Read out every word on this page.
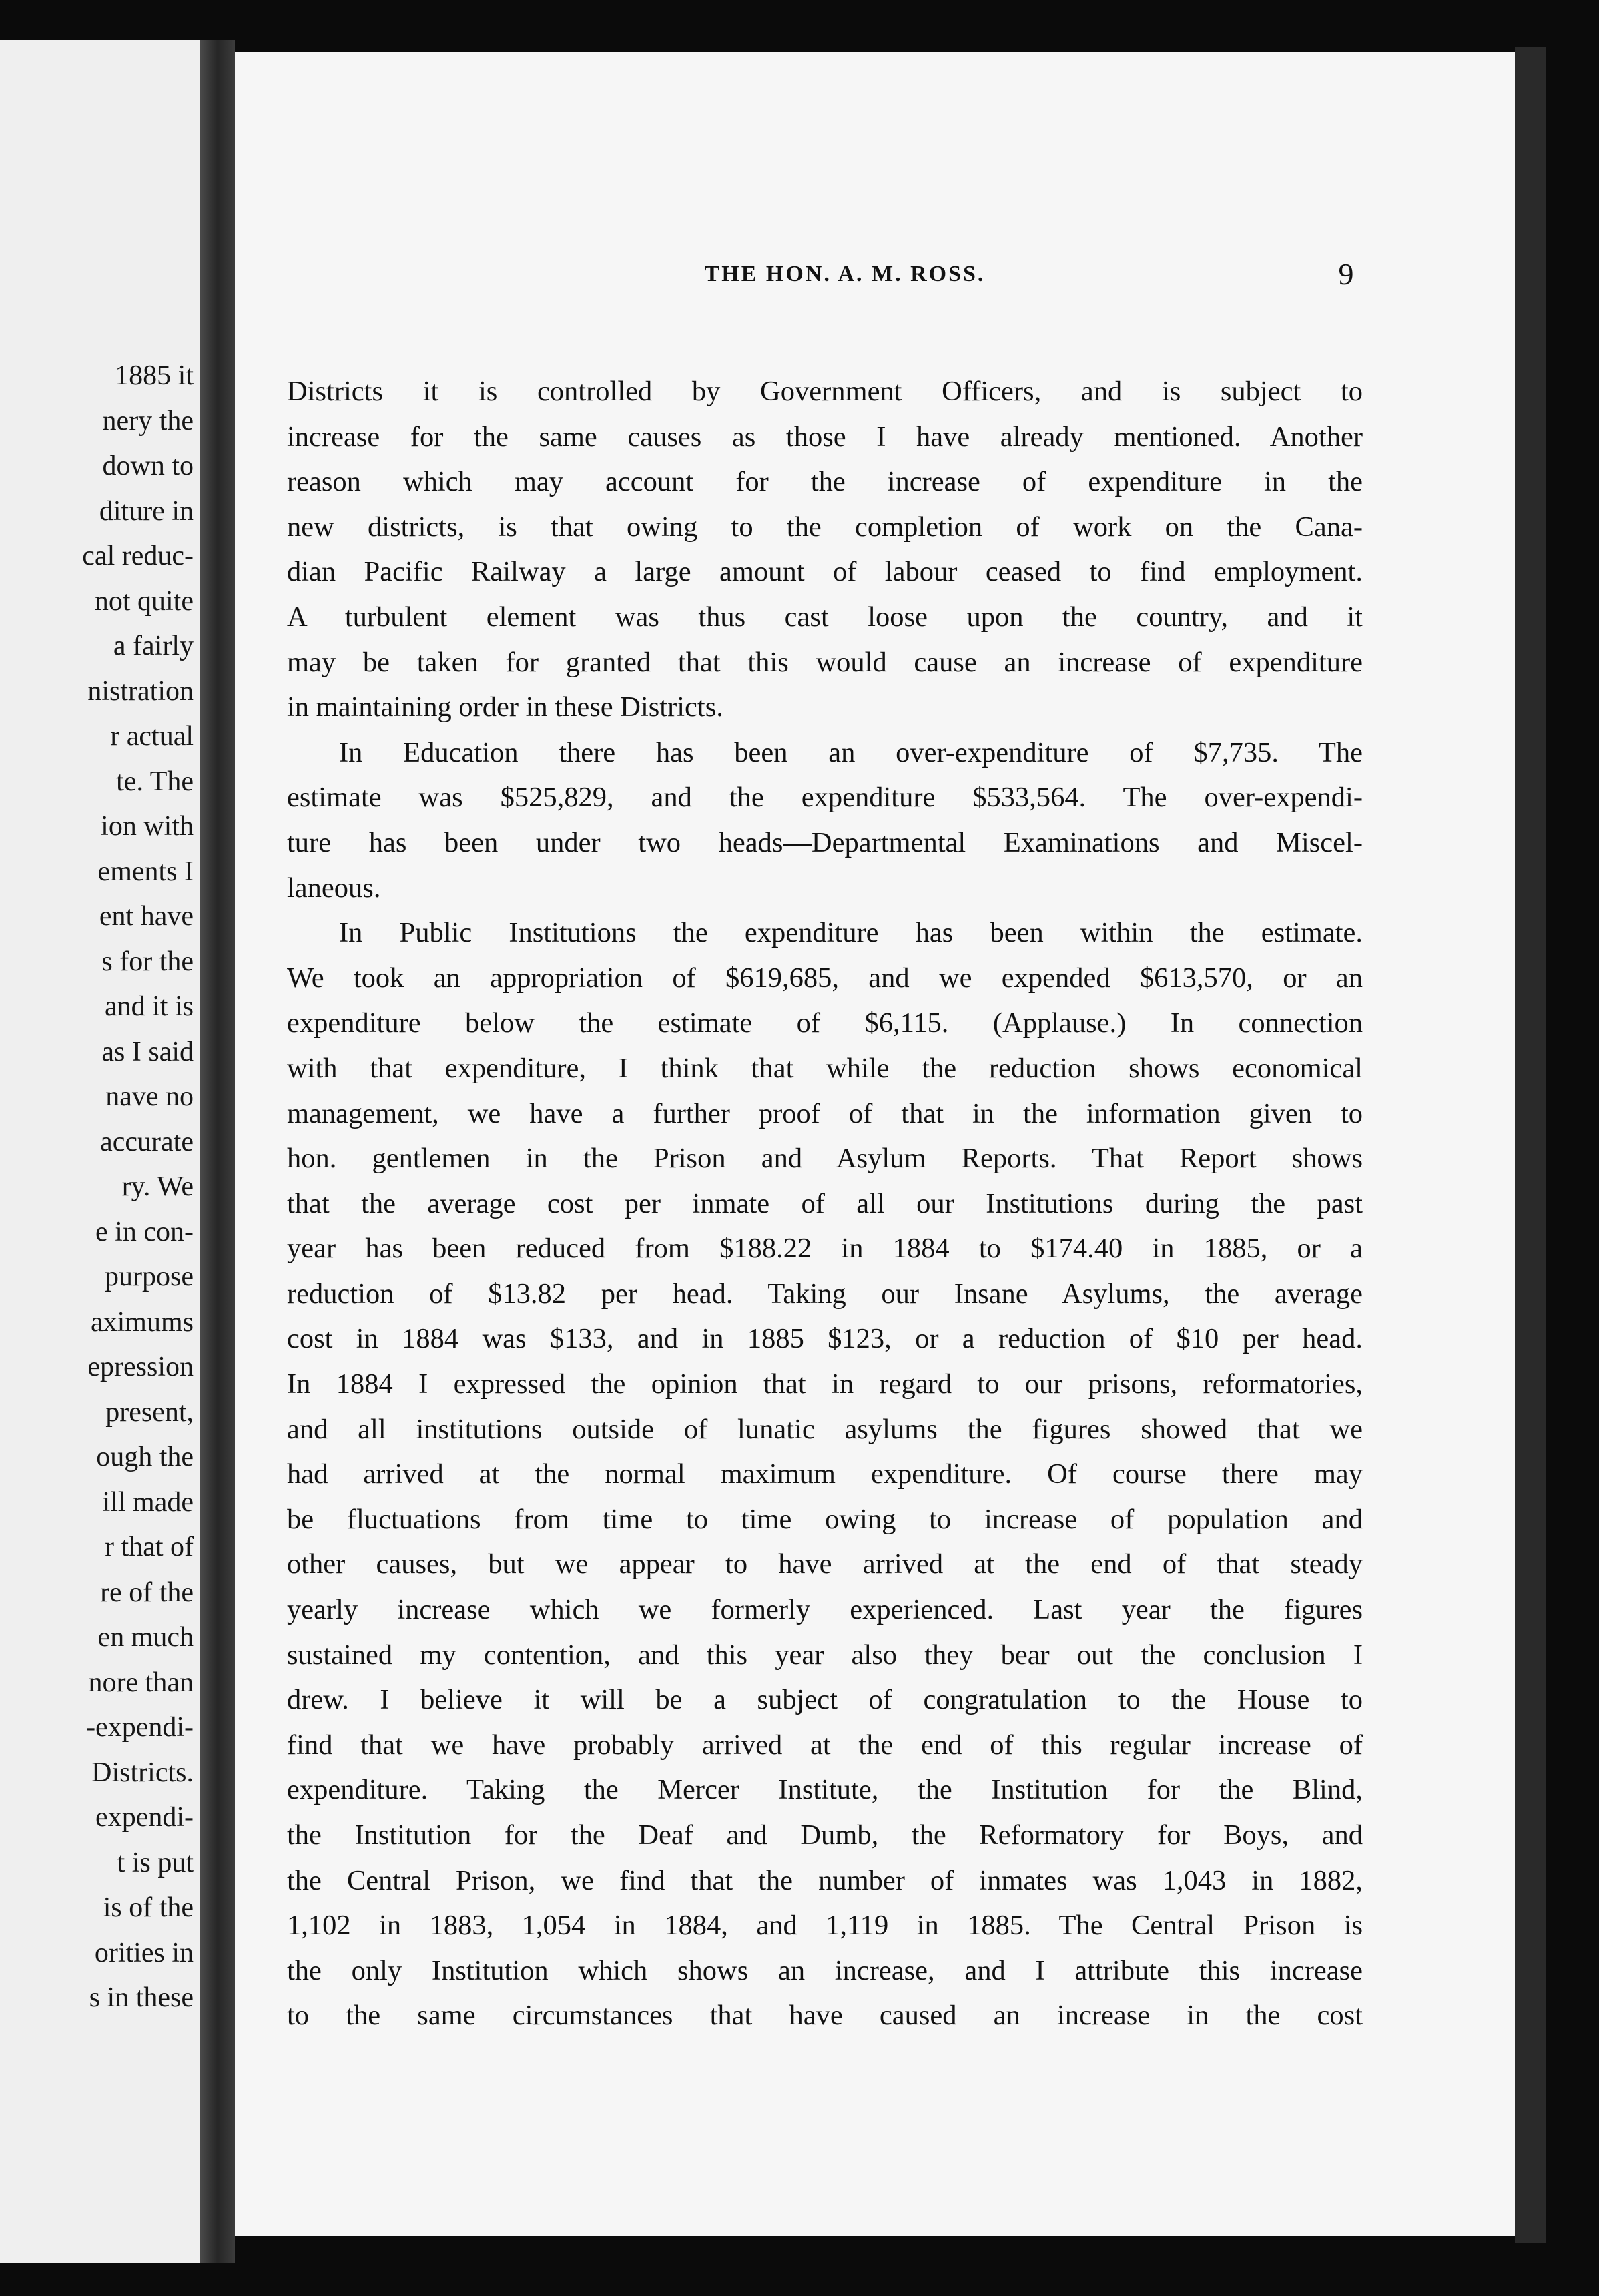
1885 it
nery the
down to
diture in
cal reduc-
not quite
a fairly
nistration
r actual
te. The
ion with
ements I
ent have
s for the
and it is
as I said
nave no
accurate
ry. We
e in con-
purpose
aximums
epression
present,
ough the
ill made
r that of
re of the
en much
nore than
-expendi-
Districts.
expendi-
t is put
is of the
orities in
s in these
THE HON. A. M. ROSS.	9

Districts it is controlled by Government Officers, and is subject to

increase for the same causes as those I have already mentioned. Another

reason which may account for the increase of expenditure in the

new districts, is that owing to the completion of work on the Cana-

dian Pacific Railway a large amount of labour ceased to find employment.

A turbulent element was thus cast loose upon the country, and it

may be taken for granted that this would cause an increase of expenditure

in maintaining order in these Districts.

In Education there has been an over-expenditure of $7,735. The

estimate was $525,829, and the expenditure $533,564. The over-expendi-

ture has been under two heads—Departmental Examinations and Miscel-

laneous.

In Public Institutions the expenditure has been within the estimate.

We took an appropriation of $619,685, and we expended $613,570, or an

expenditure below the estimate of $6,115. (Applause.) In connection

with that expenditure, I think that while the reduction shows economical

management, we have a further proof of that in the information given to

hon. gentlemen in the Prison and Asylum Reports. That Report shows

that the average cost per inmate of all our Institutions during the past

year has been reduced from $188.22 in 1884 to $174.40 in 1885, or a

reduction of $13.82 per head. Taking our Insane Asylums, the average

cost in 1884 was $133, and in 1885 $123, or a reduction of $10 per head.

In 1884 I expressed the opinion that in regard to our prisons, reformatories,

and all institutions outside of lunatic asylums the figures showed that we

had arrived at the normal maximum expenditure. Of course there may

be fluctuations from time to time owing to increase of population and

other causes, but we appear to have arrived at the end of that steady

yearly increase which we formerly experienced. Last year the figures

sustained my contention, and this year also they bear out the conclusion I

drew. I believe it will be a subject of congratulation to the House to

find that we have probably arrived at the end of this regular increase of

expenditure. Taking the Mercer Institute, the Institution for the Blind,

the Institution for the Deaf and Dumb, the Reformatory for Boys, and

the Central Prison, we find that the number of inmates was 1,043 in 1882,

1,102 in 1883, 1,054 in 1884, and 1,119 in 1885. The Central Prison is

the only Institution which shows an increase, and I attribute this increase

to the same circumstances that have caused an increase in the cost
